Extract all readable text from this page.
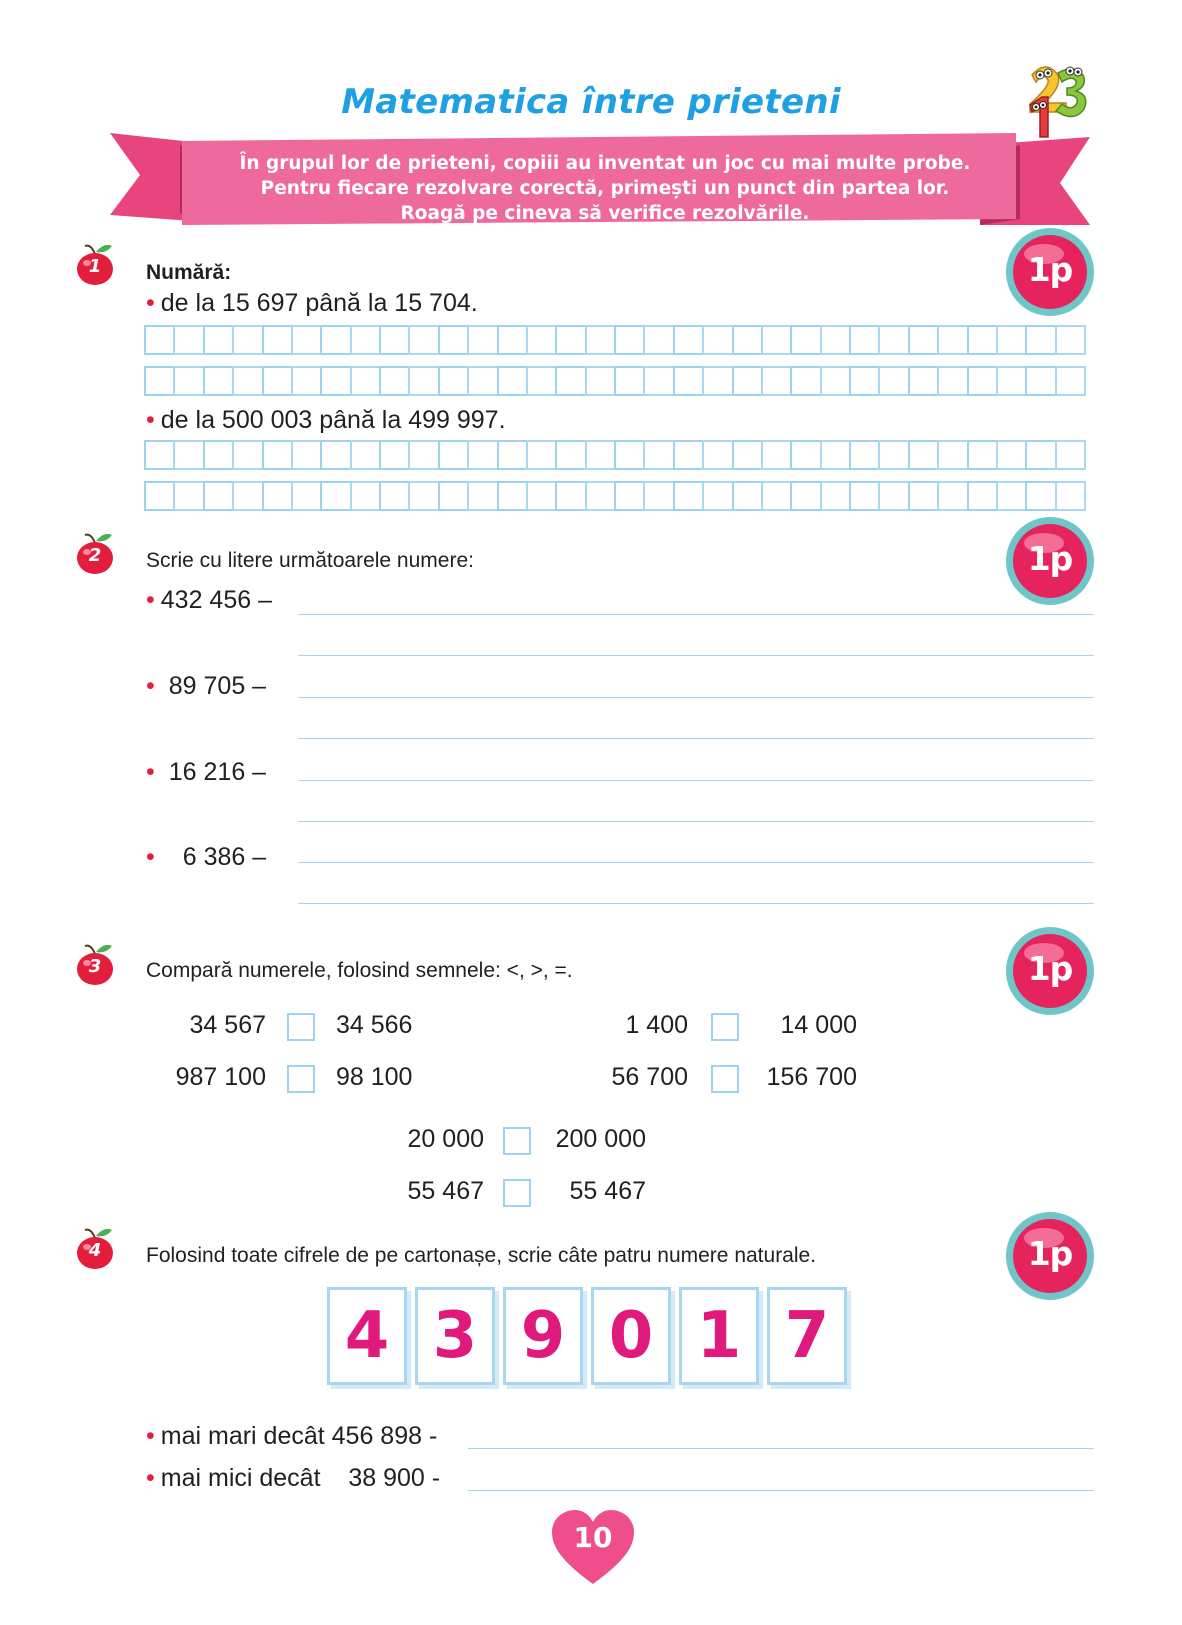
Matematica între prieteni
În grupul lor de prieteni, copiii au inventat un joc cu mai multe probe.
Pentru fiecare rezolvare corectă, primești un punct din partea lor.
Roagă pe cineva să verifice rezolvările.
1	Numără:	1p
• de la 15 697 până la 15 704.
• de la 500 003 până la 499 997.
2	Scrie cu litere următoarele numere:	1p
• 432 456 –
• 89 705 –
• 16 216 –
• 6 386 –
3	Compară numerele, folosind semnele: <, >, =.	1p
34 567	34 566	1 400	14 000
987 100	98 100	56 700	156 700
20 000	200 000
55 467	55 467
4	Folosind toate cifrele de pe cartonașe, scrie câte patru numere naturale.	1p
4 3 9 0 1 7
• mai mari decât 456 898 -
• mai mici decât    38 900 -
10
